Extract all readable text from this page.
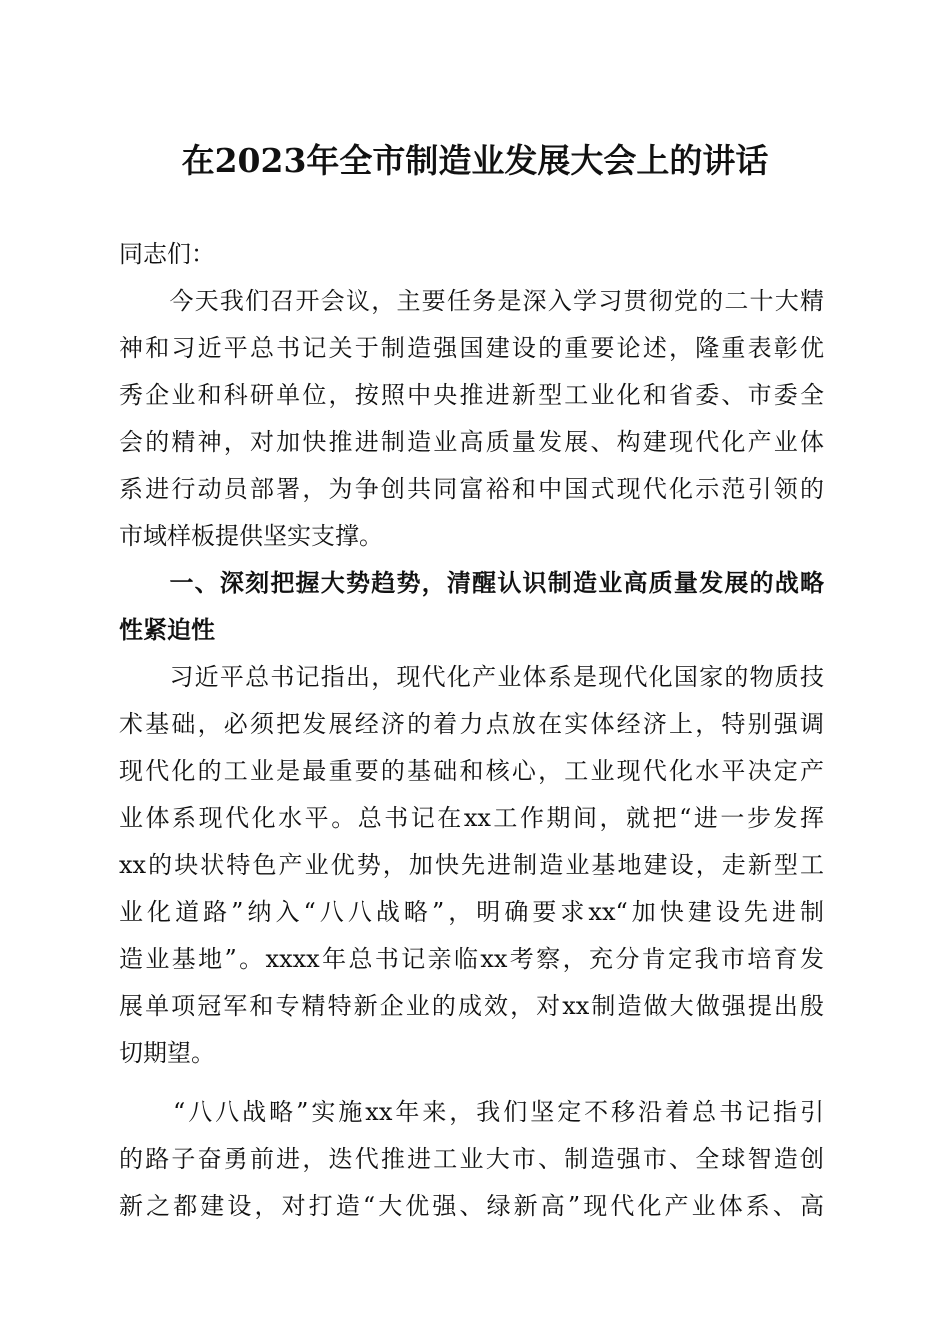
在2023年全市制造业发展大会上的讲话
同志们：
　　今天我们召开会议，主要任务是深入学习贯彻党的二十大精
神和习近平总书记关于制造强国建设的重要论述，隆重表彰优
秀企业和科研单位，按照中央推进新型工业化和省委、市委全
会的精神，对加快推进制造业高质量发展、构建现代化产业体
系进行动员部署，为争创共同富裕和中国式现代化示范引领的
市域样板提供坚实支撑。
　　一、深刻把握大势趋势，清醒认识制造业高质量发展的战略
性紧迫性
　　习近平总书记指出，现代化产业体系是现代化国家的物质技
术基础，必须把发展经济的着力点放在实体经济上，特别强调
现代化的工业是最重要的基础和核心，工业现代化水平决定产
业体系现代化水平。总书记在xx工作期间，就把“进一步发挥
xx的块状特色产业优势，加快先进制造业基地建设，走新型工
业化道路”纳入“八八战略”，明确要求xx“加快建设先进制
造业基地”。xxxx年总书记亲临xx考察，充分肯定我市培育发
展单项冠军和专精特新企业的成效，对xx制造做大做强提出殷
切期望。
　　“八八战略”实施xx年来，我们坚定不移沿着总书记指引
的路子奋勇前进，迭代推进工业大市、制造强市、全球智造创
新之都建设，对打造“大优强、绿新高”现代化产业体系、高
